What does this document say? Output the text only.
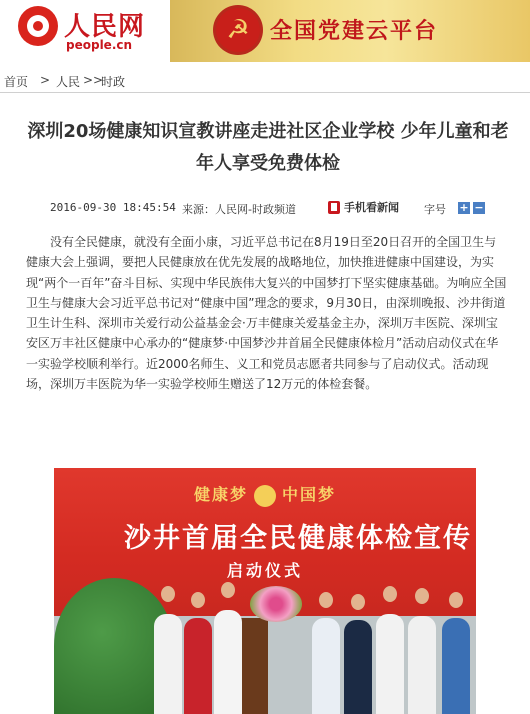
人民网
people.cn	☭ 全国党建云平台
首页 > 人民 >>
时政
深圳20场健康知识宣教讲座走进社区企业学校 少年儿童和老年人享受免费体检
2016-09-30 18:45:54 来源：人民网-时政频道	手机看新闻 字号 + −

没有全民健康，就没有全面小康，习近平总书记在8月19日至20日召开的全国卫生与健康大会上强调，要把人民健康放在优先发展的战略地位，加快推进健康中国建设，为实现“两个一百年”奋斗目标、实现中华民族伟大复兴的中国梦打下坚实健康基础。为响应全国卫生与健康大会习近平总书记对“健康中国”理念的要求，9月30日，由深圳晚报、沙井街道卫生计生科、深圳市关爱行动公益基金会·万丰健康关爱基金主办，深圳万丰医院、深圳宝安区万丰社区健康中心承办的“健康梦·中国梦沙井首届全民健康体检月”活动启动仪式在华一实验学校顺利举行。近2000名师生、义工和党员志愿者共同参与了启动仪式。活动现场，深圳万丰医院为华一实验学校师生赠送了12万元的体检套餐。

健康梦 中国梦
沙井首届全民健康体检宣传
启动仪式
